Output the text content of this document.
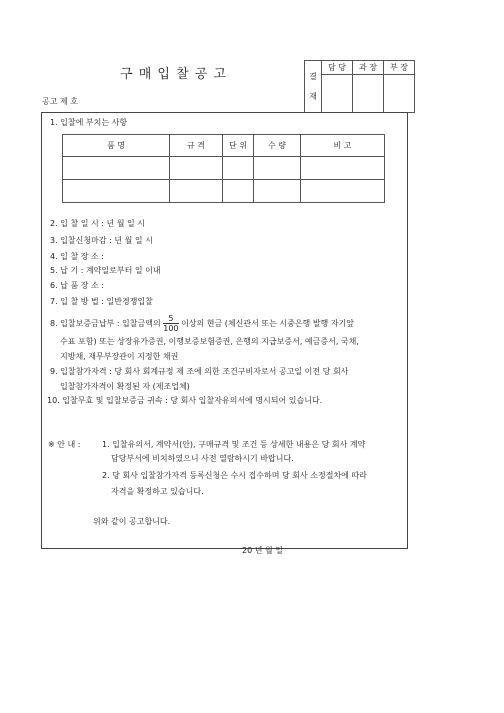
구 매 입 찰 공 고
공고 제 호
결
재	담 당	과 장	부 장

1. 입찰에 부치는 사항
품 명	규 격	단 위	수 량	비 고

2. 입 찰 일 시 : 년 월 일 시
3. 입찰신청마감 : 년 월 일 시
4. 입 찰 장 소 :
5. 납 기 : 계약일로부터 일 이내
6. 납 품 장 소 :
7. 입 찰 방 법 : 일반경쟁입찰
8. 입찰보증금납부 : 입찰금액의 $\frac{5}{100}$ 이상의 현금 (체신관서 또는 시중은행 발행 자기앞
수표 포함) 또는 상장유가증권, 이행보증보험증권, 은행의 지급보증서, 예금증서, 국채,
지방채, 재무부장관이 지정한 채권
9. 입찰참가자격 : 당 회사 회계규정 제 조에 의한 조건구비자로서 공고일 이전 당 회사
입찰참가자격이 확정된 자 (제조업체)
10. 입찰무효 및 입찰보증금 귀속 : 당 회사 입찰자유의서에 명시되어 있습니다.
※ 안 내 :	1. 입찰유의서, 계약서(안), 구매규격 및 조건 등 상세한 내용은 당 회사 계약
담당부서에 비치하였으니 사전 열람하시기 바랍니다.
2. 당 회사 입찰참가자격 등록신청은 수시 접수하며 당 회사 소정절차에 따라
자격을 확정하고 있습니다.
위와 같이 공고합니다.
20 년 월 일
